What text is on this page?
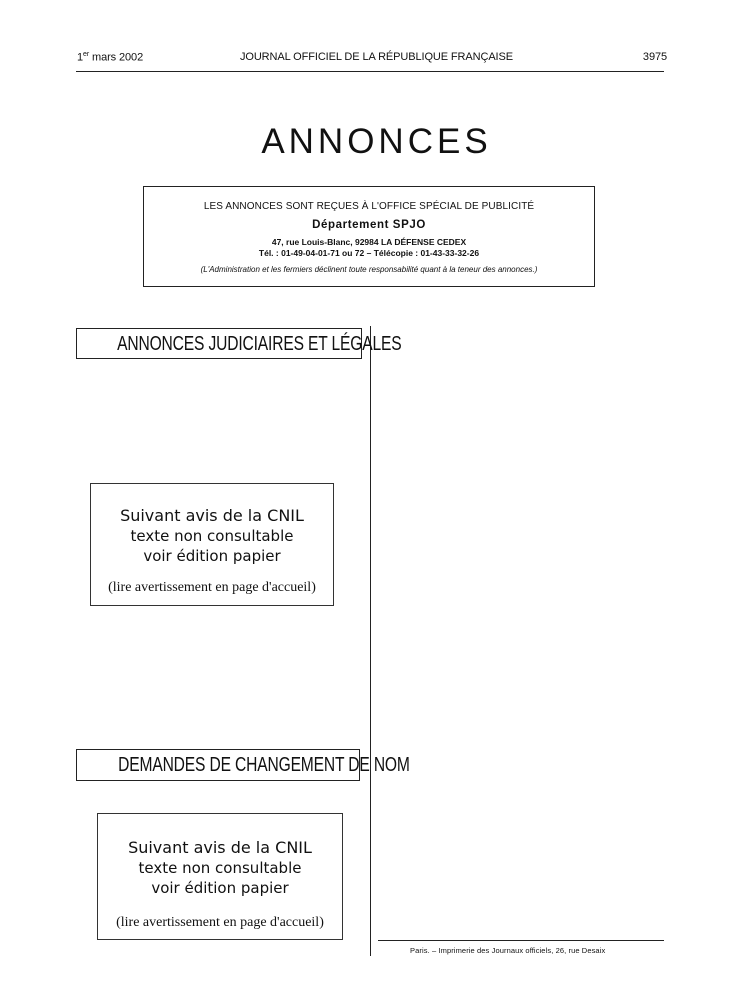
1er mars 2002	JOURNAL OFFICIEL DE LA RÉPUBLIQUE FRANÇAISE	3975
ANNONCES
LES ANNONCES SONT REÇUES À L'OFFICE SPÉCIAL DE PUBLICITÉ
Département SPJO
47, rue Louis-Blanc, 92984 LA DÉFENSE CEDEX
Tél. : 01-49-04-01-71 ou 72 – Télécopie : 01-43-33-32-26
(L'Administration et les fermiers déclinent toute responsabilité quant à la teneur des annonces.)
ANNONCES JUDICIAIRES ET LÉGALES
Suivant avis de la CNIL
texte non consultable
voir édition papier
(lire avertissement en page d'accueil)
DEMANDES DE CHANGEMENT DE NOM
Suivant avis de la CNIL
texte non consultable
voir édition papier
(lire avertissement en page d'accueil)
Paris. – Imprimerie des Journaux officiels, 26, rue Desaix
